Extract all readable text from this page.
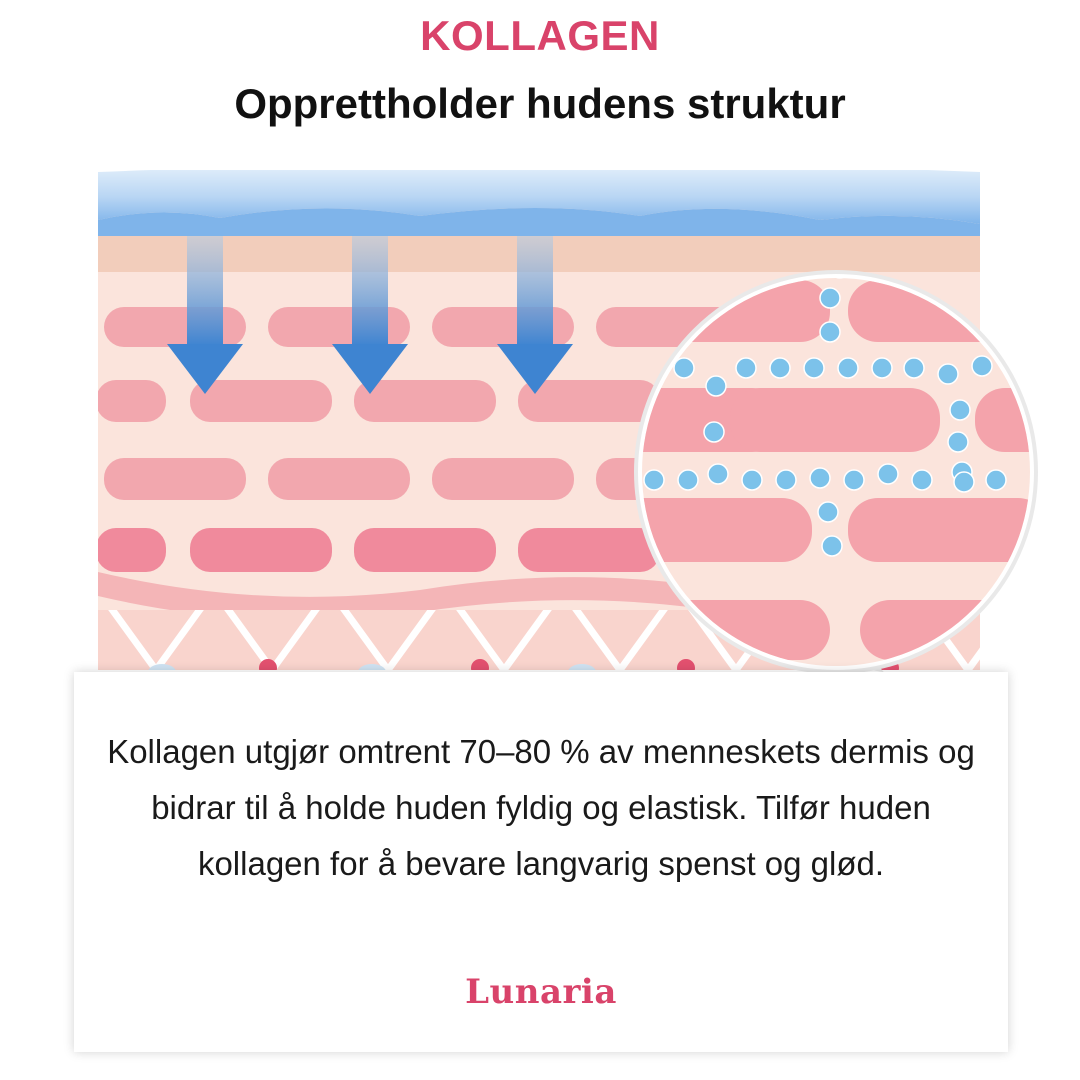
KOLLAGEN
Opprettholder hudens struktur
Kollagen utgjør omtrent 70–80 % av menneskets dermis og bidrar til å holde huden fyldig og elastisk. Tilfør huden kollagen for å bevare langvarig spenst og glød.
Lunaria
